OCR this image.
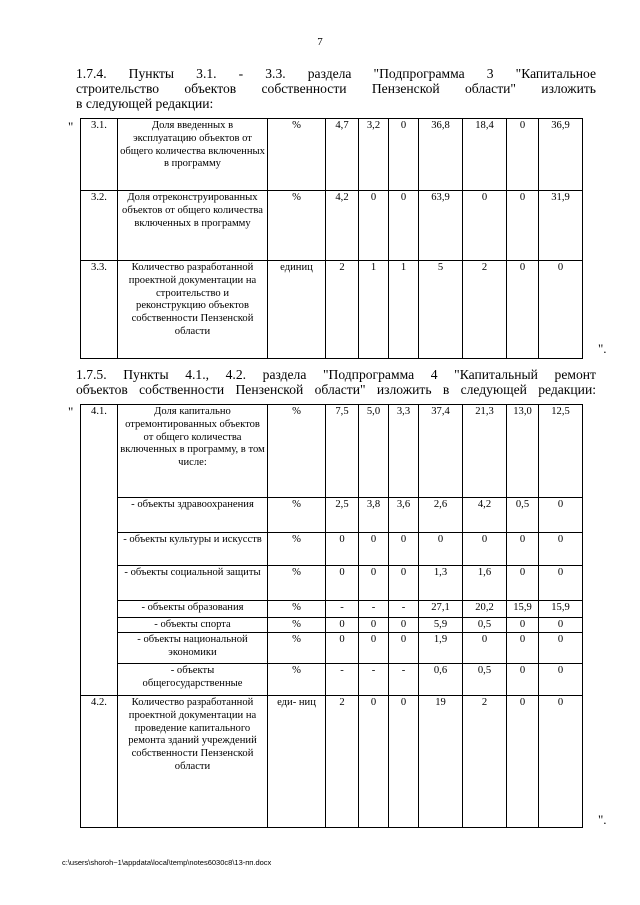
7
1.7.4. Пункты 3.1. - 3.3. раздела "Подпрограмма 3 "Капитальное
строительство объектов собственности Пензенской области" изложить
в следующей редакции:
" 3.1.	Доля введенных в эксплуатацию объектов от общего количества включенных в программу	%	4,7	3,2	0	36,8	18,4	0	36,9
3.2.	Доля отреконструированных объектов от общего количества включенных в программу	%	4,2	0	0	63,9	0	0	31,9
3.3.	Количество разработанной проектной документации на строительство и реконструкцию объектов собственности Пензенской области	единиц	2	1	1	5	2	0	0
".
1.7.5. Пункты 4.1., 4.2. раздела "Подпрограмма 4 "Капитальный ремонт
объектов собственности Пензенской области" изложить в следующей редакции:
" 4.1.	Доля капитально отремонтированных объектов от общего количества включенных в программу, в том числе:	%	7,5	5,0	3,3	37,4	21,3	13,0	12,5
	- объекты здравоохранения	%	2,5	3,8	3,6	2,6	4,2	0,5	0
	- объекты культуры и искусств	%	0	0	0	0	0	0	0
	- объекты социальной защиты	%	0	0	0	1,3	1,6	0	0
	- объекты образования	%	-	-	-	27,1	20,2	15,9	15,9
	- объекты спорта	%	0	0	0	5,9	0,5	0	0
	- объекты национальной экономики	%	0	0	0	1,9	0	0	0
	- объекты общегосударственные	%	-	-	-	0,6	0,5	0	0
4.2.	Количество разработанной проектной документации на проведение капитального ремонта зданий учреждений собственности Пензенской области	еди- ниц	2	0	0	19	2	0	0
".
c:\users\shoroh~1\appdata\local\temp\notes6030c8\13-пп.docx
